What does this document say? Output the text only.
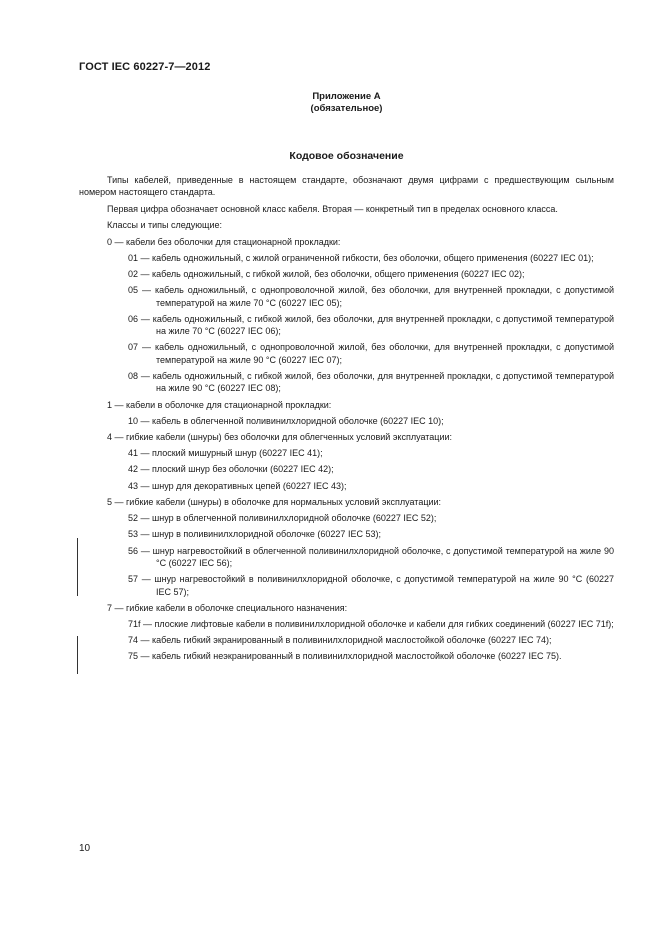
ГОСТ IEC 60227-7—2012
Приложение А
(обязательное)
Кодовое обозначение

Типы кабелей, приведенные в настоящем стандарте, обозначают двумя цифрами с предшествующим сыльным номером настоящего стандарта.

Первая цифра обозначает основной класс кабеля. Вторая — конкретный тип в пределах основного класса.

Классы и типы следующие:

0 — кабели без оболочки для стационарной прокладки:

01 — кабель одножильный, с жилой ограниченной гибкости, без оболочки, общего применения (60227 IEC 01);

02 — кабель одножильный, с гибкой жилой, без оболочки, общего применения (60227 IEC 02);

05 — кабель одножильный, с однопроволочной жилой, без оболочки, для внутренней прокладки, с допустимой температурой на жиле 70 °С (60227 IEC 05);

06 — кабель одножильный, с гибкой жилой, без оболочки, для внутренней прокладки, с допустимой температурой на жиле 70 °С (60227 IEC 06);

07 — кабель одножильный, с однопроволочной жилой, без оболочки, для внутренней прокладки, с допустимой температурой на жиле 90 °С (60227 IEC 07);

08 — кабель одножильный, с гибкой жилой, без оболочки, для внутренней прокладки, с допустимой температурой на жиле 90 °С (60227 IEC 08);

1 — кабели в оболочке для стационарной прокладки:

10 — кабель в облегченной поливинилхлоридной оболочке (60227 IEC 10);

4 — гибкие кабели (шнуры) без оболочки для облегченных условий эксплуатации:

41 — плоский мишурный шнур (60227 IEC 41);

42 — плоский шнур без оболочки (60227 IEC 42);

43 — шнур для декоративных цепей (60227 IEC 43);

5 — гибкие кабели (шнуры) в оболочке для нормальных условий эксплуатации:

52 — шнур в облегченной поливинилхлоридной оболочке (60227 IEC 52);

53 — шнур в поливинилхлоридной оболочке (60227 IEC 53);

56 — шнур нагревостойкий в облегченной поливинилхлоридной оболочке, с допустимой температурой на жиле 90 °С (60227 IEC 56);

57 — шнур нагревостойкий в поливинилхлоридной оболочке, с допустимой температурой на жиле 90 °С (60227 IEC 57);

7 — гибкие кабели в оболочке специального назначения:

71f — плоские лифтовые кабели в поливинилхлоридной оболочке и кабели для гибких соединений (60227 IEC 71f);

74 — кабель гибкий экранированный в поливинилхлоридной маслостойкой оболочке (60227 IEC 74);

75 — кабель гибкий неэкранированный в поливинилхлоридной маслостойкой оболочке (60227 IEC 75).

10
